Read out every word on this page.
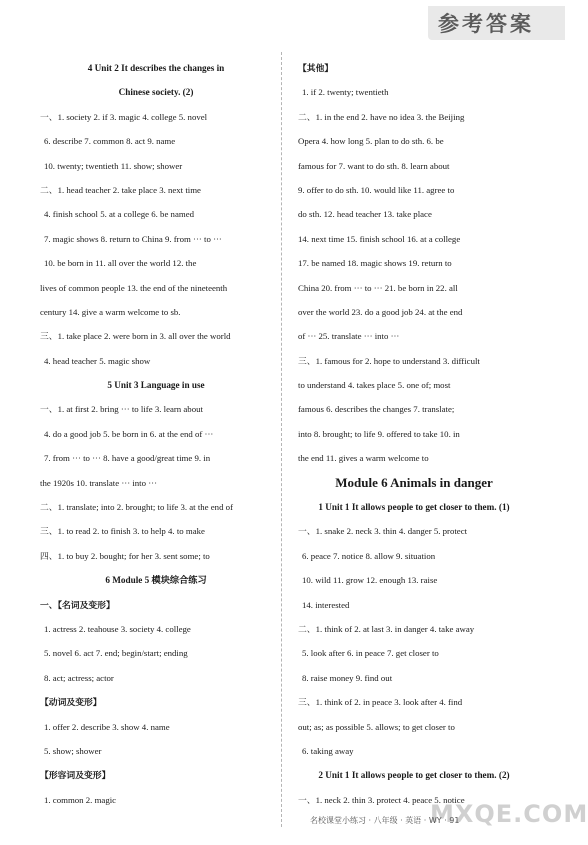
参考答案
4 Unit 2 It describes the changes in
Chinese society. (2)
一、1. society 2. if 3. magic 4. college 5. novel
6. describe 7. common 8. act 9. name
10. twenty; twentieth 11. show; shower
二、1. head teacher 2. take place 3. next time
4. finish school 5. at a college 6. be named
7. magic shows 8. return to China 9. from ··· to ···
10. be born in 11. all over the world 12. the
lives of common people 13. the end of the nineteenth
century 14. give a warm welcome to sb.
三、1. take place 2. were born in 3. all over the world
4. head teacher 5. magic show
5 Unit 3 Language in use
一、1. at first 2. bring ··· to life 3. learn about
4. do a good job 5. be born in 6. at the end of ···
7. from ··· to ··· 8. have a good/great time 9. in
the 1920s 10. translate ··· into ···
二、1. translate; into 2. brought; to life 3. at the end of
三、1. to read 2. to finish 3. to help 4. to make
四、1. to buy 2. bought; for her 3. sent some; to
6 Module 5 模块综合练习
一、【名词及变形】
1. actress 2. teahouse 3. society 4. college
5. novel 6. act 7. end; begin/start; ending
8. act; actress; actor
【动词及变形】
1. offer 2. describe 3. show 4. name
5. show; shower
【形容词及变形】
1. common 2. magic
【其他】
1. if 2. twenty; twentieth
二、1. in the end 2. have no idea 3. the Beijing
Opera 4. how long 5. plan to do sth. 6. be
famous for 7. want to do sth. 8. learn about
9. offer to do sth. 10. would like 11. agree to
do sth. 12. head teacher 13. take place
14. next time 15. finish school 16. at a college
17. be named 18. magic shows 19. return to
China 20. from ··· to ··· 21. be born in 22. all
over the world 23. do a good job 24. at the end
of ··· 25. translate ··· into ···
三、1. famous for 2. hope to understand 3. difficult
to understand 4. takes place 5. one of; most
famous 6. describes the changes 7. translate;
into 8. brought; to life 9. offered to take 10. in
the end 11. gives a warm welcome to
Module 6 Animals in danger
1 Unit 1 It allows people to get closer to them. (1)
一、1. snake 2. neck 3. thin 4. danger 5. protect
6. peace 7. notice 8. allow 9. situation
10. wild 11. grow 12. enough 13. raise
14. interested
二、1. think of 2. at last 3. in danger 4. take away
5. look after 6. in peace 7. get closer to
8. raise money 9. find out
三、1. think of 2. in peace 3. look after 4. find
out; as; as possible 5. allows; to get closer to
6. taking away
2 Unit 1 It allows people to get closer to them. (2)
一、1. neck 2. thin 3. protect 4. peace 5. notice
MXQE.COM
名校课堂小练习 · 八年级 · 英语 · WY · 91
